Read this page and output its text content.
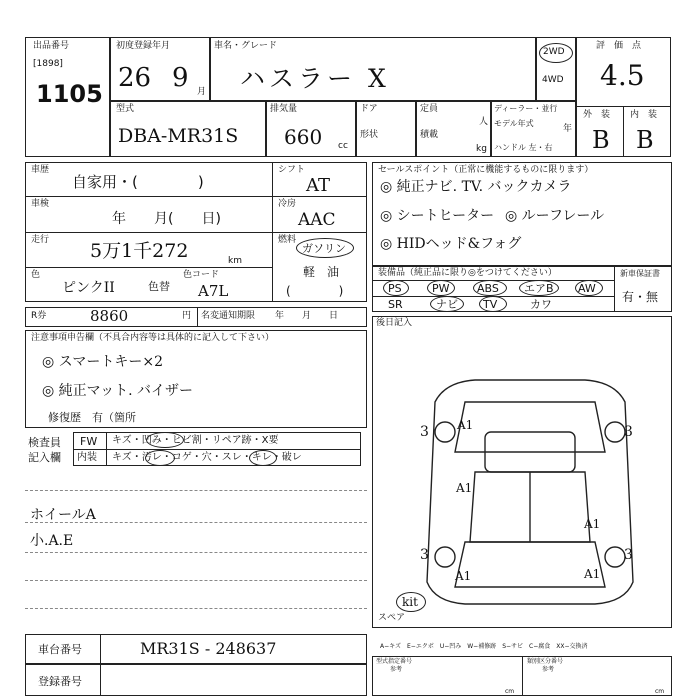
出品番号
[1898]
1105
初度登録年月
26 9 月
車名・グレード
ハスラー X
2WD
4WD
評　価　点
4.5
外　装 内　装
B B
型式
DBA-MR31S
排気量
660 cc
ドア
形状
定員
人
積載
kg
ディーラー・並行
モデル年式
年
ハンドル 左・右
車歴
自家用・(　　　　)
車検
年　　月(　　日)
走行 5万1千272	km
色
ピンクII	色替
色コード
A7L
シフト
AT
冷房
AAC
燃料
ガソリン
軽　油
(　　　　)
セールスポイント（正常に機能するものに限ります）
◎ 純正ナビ. TV. バックカメラ
◎ シートヒーター ◎ ルーフレール
◎ HIDヘッド&フォグ
装備品（純正品に限り◎をつけてください）	新車保証書
有・無
PS	PW ABS エアB AW
SR	ナビ TV	カワ
R券	8860	円 名変通知期限 年　　月　　日
注意事項申告欄（不具合内容等は具体的に記入して下さい）
◎ スマートキー×2
◎ 純正マット. バイザー
修復歴　有（箇所
後日記入
検査員
記入欄
FW キズ・凹み・ヒビ割・リペア跡・X要
内装 キズ・汚レ・コゲ・穴・スレ・キレ・破レ
ホイールA
小.A.E
3 A1	3
A1
A1
3	3
A1	A1
kit
スペア
車台番号	MR31S - 248637
登録番号
A−キズ　E−エクボ　U−凹み　W−補修跡　S−サビ　C−腐食　XX−交換済
型式指定番号	類別区分番号
参考	参考
cm	cm
